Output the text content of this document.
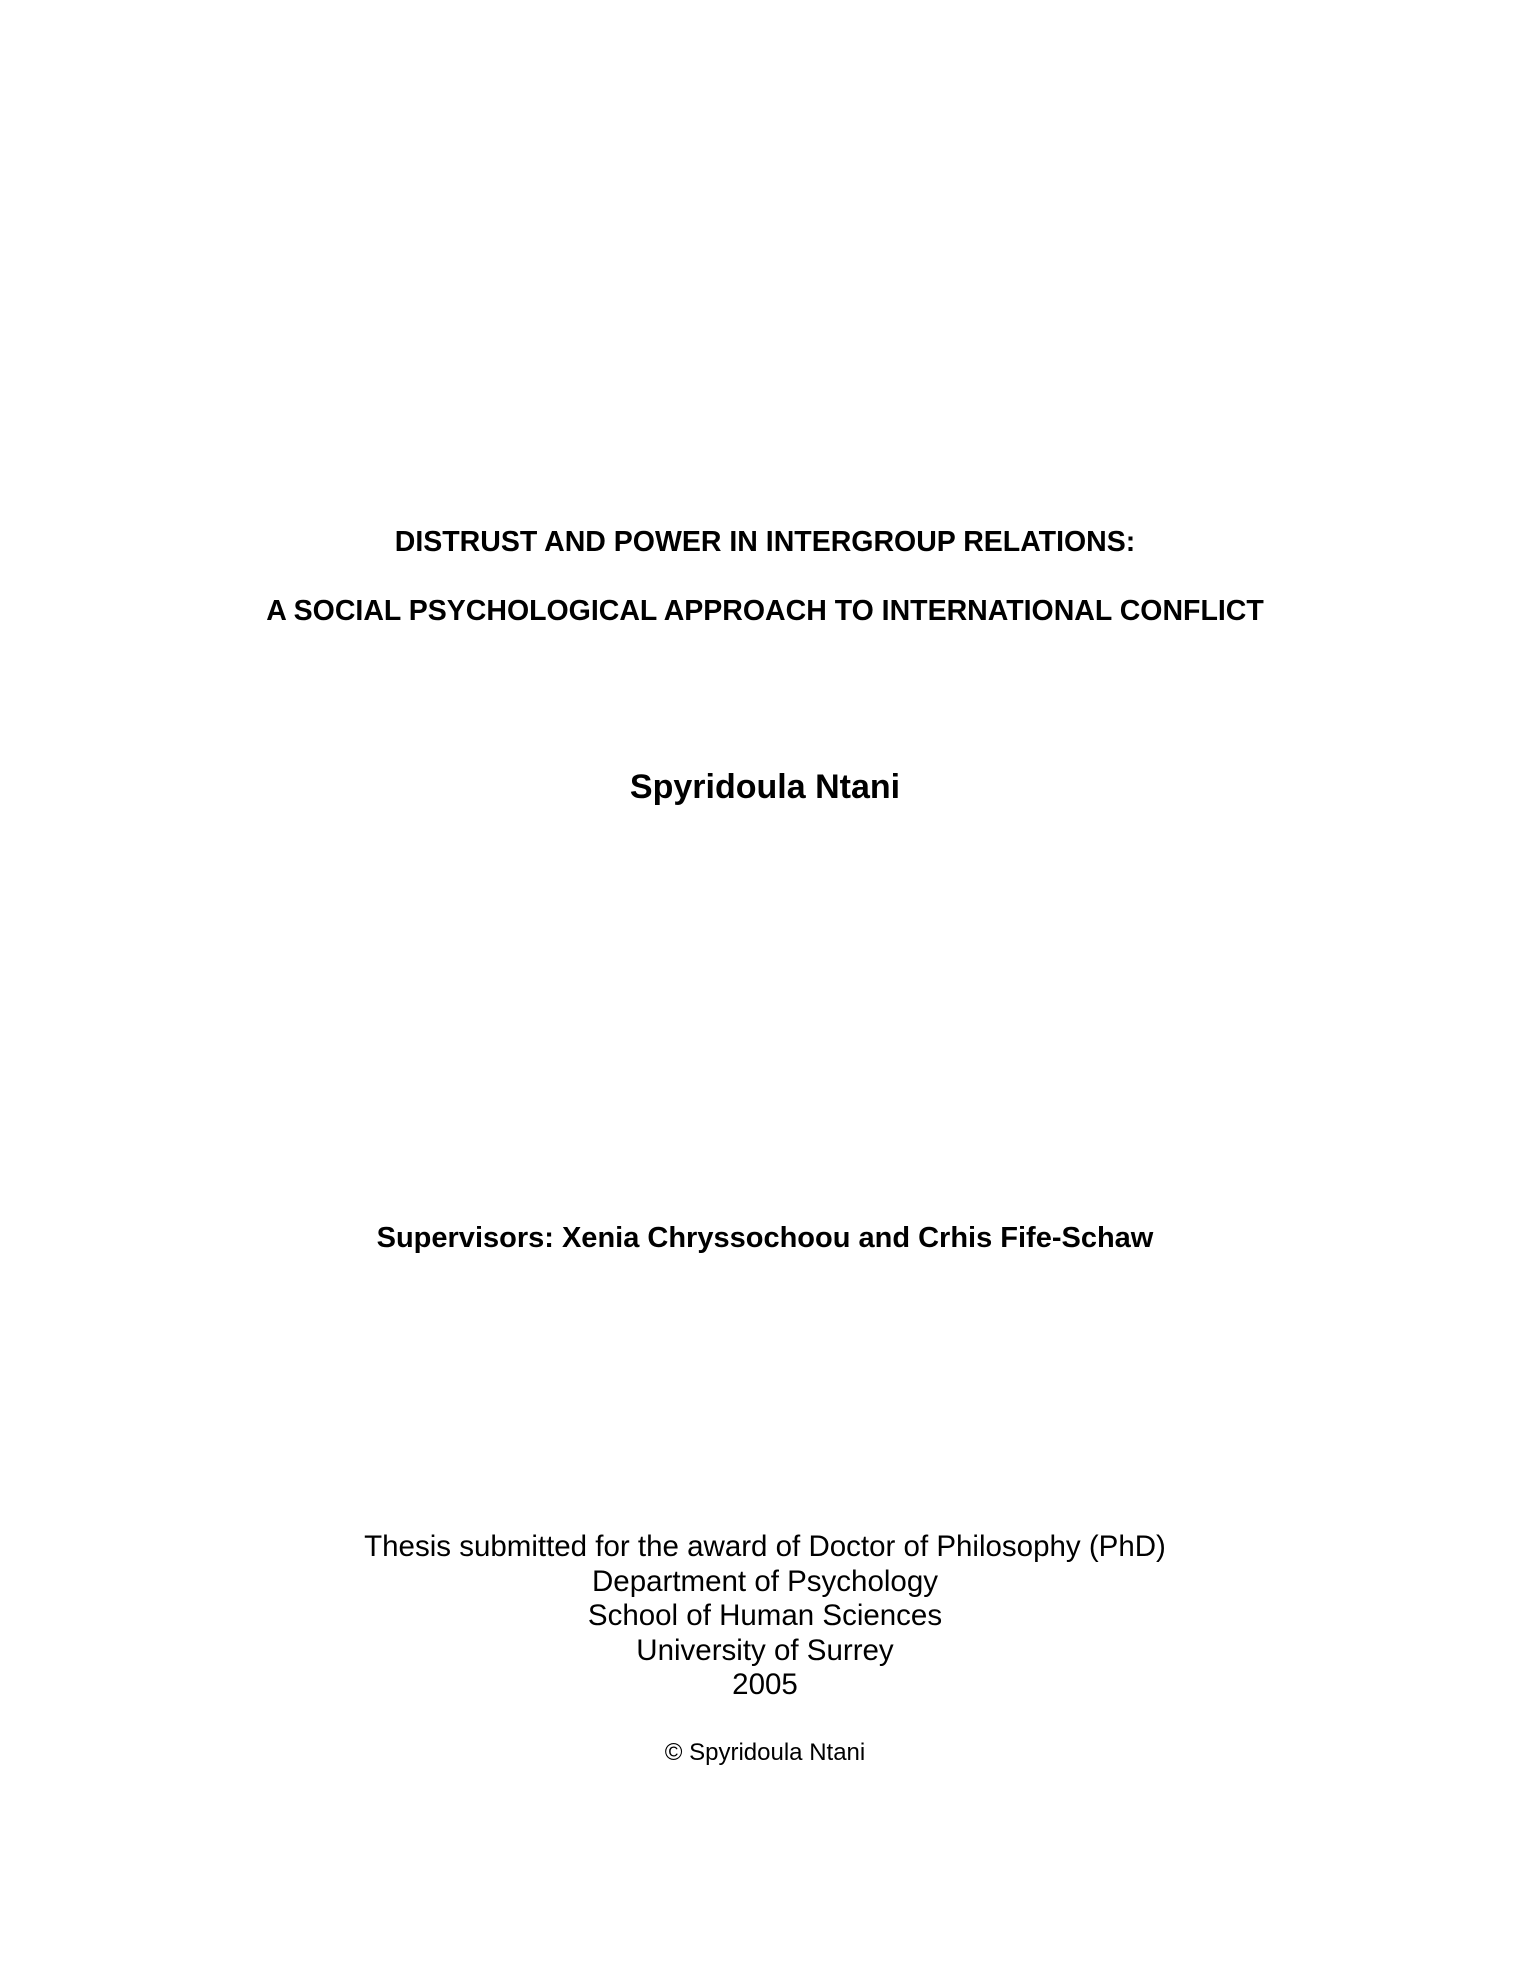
DISTRUST AND POWER IN INTERGROUP RELATIONS:
A SOCIAL PSYCHOLOGICAL APPROACH TO INTERNATIONAL CONFLICT
Spyridoula Ntani
Supervisors: Xenia Chryssochoou and Crhis Fife-Schaw
Thesis submitted for the award of Doctor of Philosophy (PhD)
Department of Psychology
School of Human Sciences
University of Surrey
2005
© Spyridoula Ntani
